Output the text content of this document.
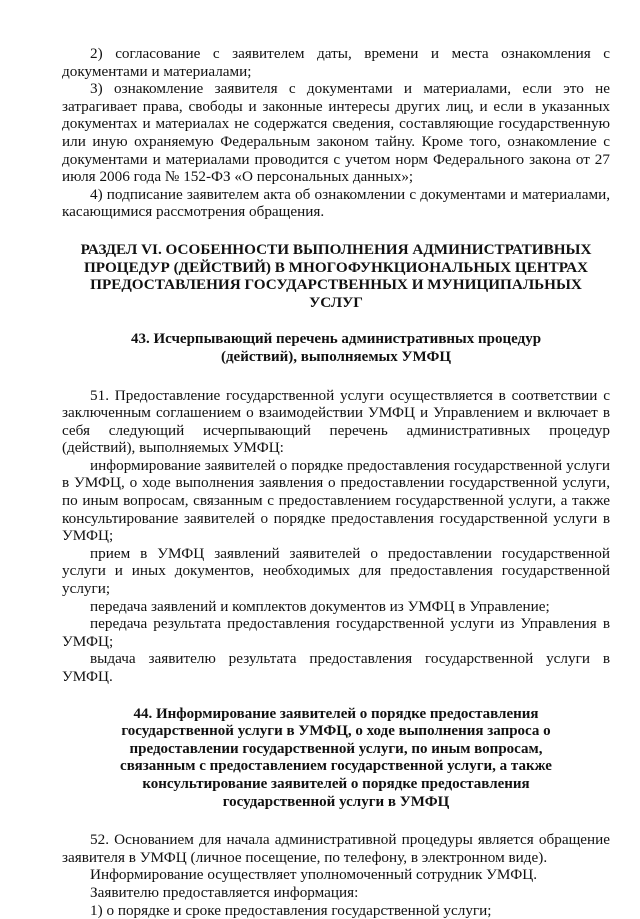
2) согласование с заявителем даты, времени и места ознакомления с документами и материалами;

3) ознакомление заявителя с документами и материалами, если это не затрагивает права, свободы и законные интересы других лиц, и если в указанных документах и материалах не содержатся сведения, составляющие государственную или иную охраняемую Федеральным законом тайну. Кроме того, ознакомление с документами и материалами проводится с учетом норм Федерального закона от 27 июля 2006 года № 152-ФЗ «О персональных данных»;

4) подписание заявителем акта об ознакомлении с документами и материалами, касающимися рассмотрения обращения.

РАЗДЕЛ VI. ОСОБЕННОСТИ ВЫПОЛНЕНИЯ АДМИНИСТРАТИВНЫХ ПРОЦЕДУР (ДЕЙСТВИЙ) В МНОГОФУНКЦИОНАЛЬНЫХ ЦЕНТРАХ ПРЕДОСТАВЛЕНИЯ ГОСУДАРСТВЕННЫХ И МУНИЦИПАЛЬНЫХ УСЛУГ
43. Исчерпывающий перечень административных процедур (действий), выполняемых УМФЦ

51. Предоставление государственной услуги осуществляется в соответствии с заключенным соглашением о взаимодействии УМФЦ и Управлением и включает в себя следующий исчерпывающий перечень административных процедур (действий), выполняемых УМФЦ:

информирование заявителей о порядке предоставления государственной услуги в УМФЦ, о ходе выполнения заявления о предоставлении государственной услуги, по иным вопросам, связанным с предоставлением государственной услуги, а также консультирование заявителей о порядке предоставления государственной услуги в УМФЦ;

прием в УМФЦ заявлений заявителей о предоставлении государственной услуги и иных документов, необходимых для предоставления государственной услуги;

передача заявлений и комплектов документов из УМФЦ в Управление;

передача результата предоставления государственной услуги из Управления в УМФЦ;

выдача заявителю результата предоставления государственной услуги в УМФЦ.

44. Информирование заявителей о порядке предоставления государственной услуги в УМФЦ, о ходе выполнения запроса о предоставлении государственной услуги, по иным вопросам, связанным с предоставлением государственной услуги, а также консультирование заявителей о порядке предоставления государственной услуги в УМФЦ

52. Основанием для начала административной процедуры является обращение заявителя в УМФЦ (личное посещение, по телефону, в электронном виде).

Информирование осуществляет уполномоченный сотрудник УМФЦ.

Заявителю предоставляется информация:

1) о порядке и сроке предоставления государственной услуги;
